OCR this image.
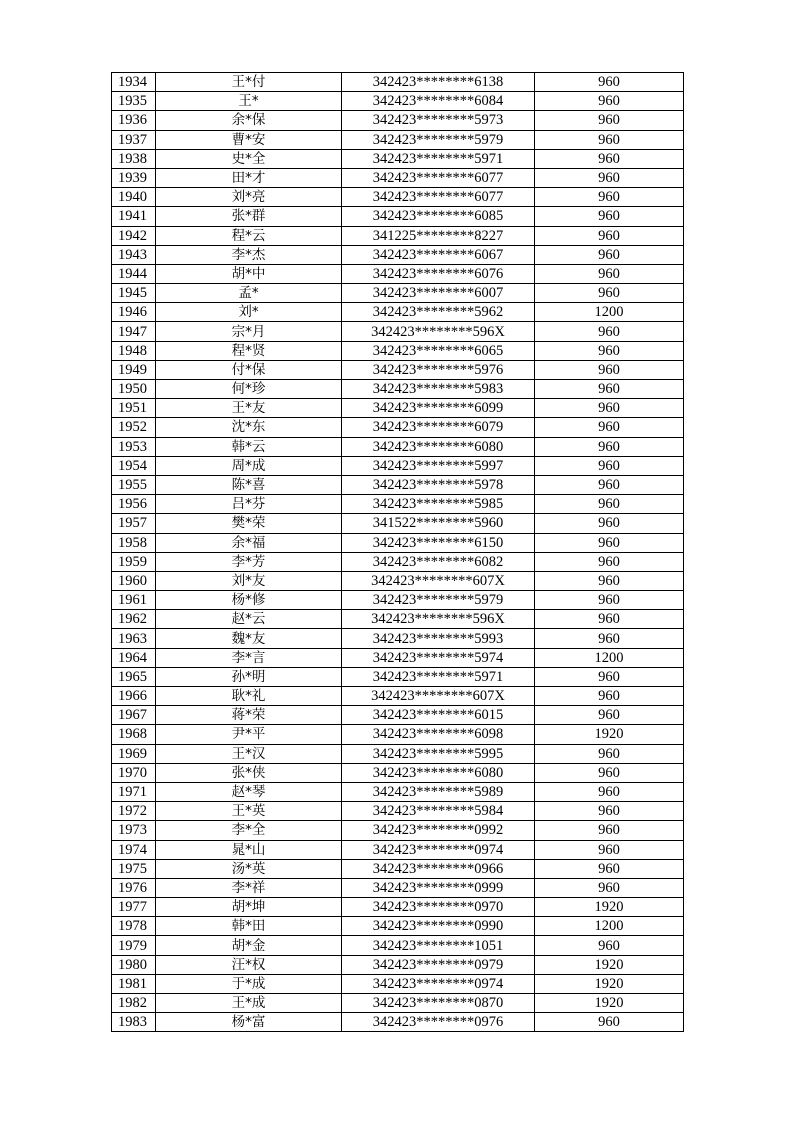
1934	王*付	342423********6138	960
1935	王*	342423********6084	960
1936	余*保	342423********5973	960
1937	曹*安	342423********5979	960
1938	史*全	342423********5971	960
1939	田*才	342423********6077	960
1940	刘*亮	342423********6077	960
1941	张*群	342423********6085	960
1942	程*云	341225********8227	960
1943	李*杰	342423********6067	960
1944	胡*中	342423********6076	960
1945	孟*	342423********6007	960
1946	刘*	342423********5962	1200
1947	宗*月	342423********596X	960
1948	程*贤	342423********6065	960
1949	付*保	342423********5976	960
1950	何*珍	342423********5983	960
1951	王*友	342423********6099	960
1952	沈*东	342423********6079	960
1953	韩*云	342423********6080	960
1954	周*成	342423********5997	960
1955	陈*喜	342423********5978	960
1956	吕*芬	342423********5985	960
1957	樊*荣	341522********5960	960
1958	余*福	342423********6150	960
1959	李*芳	342423********6082	960
1960	刘*友	342423********607X	960
1961	杨*修	342423********5979	960
1962	赵*云	342423********596X	960
1963	魏*友	342423********5993	960
1964	李*言	342423********5974	1200
1965	孙*明	342423********5971	960
1966	耿*礼	342423********607X	960
1967	蒋*荣	342423********6015	960
1968	尹*平	342423********6098	1920
1969	王*汉	342423********5995	960
1970	张*侠	342423********6080	960
1971	赵*琴	342423********5989	960
1972	王*英	342423********5984	960
1973	李*全	342423********0992	960
1974	晁*山	342423********0974	960
1975	汤*英	342423********0966	960
1976	李*祥	342423********0999	960
1977	胡*坤	342423********0970	1920
1978	韩*田	342423********0990	1200
1979	胡*金	342423********1051	960
1980	汪*权	342423********0979	1920
1981	于*成	342423********0974	1920
1982	王*成	342423********0870	1920
1983	杨*富	342423********0976	960
